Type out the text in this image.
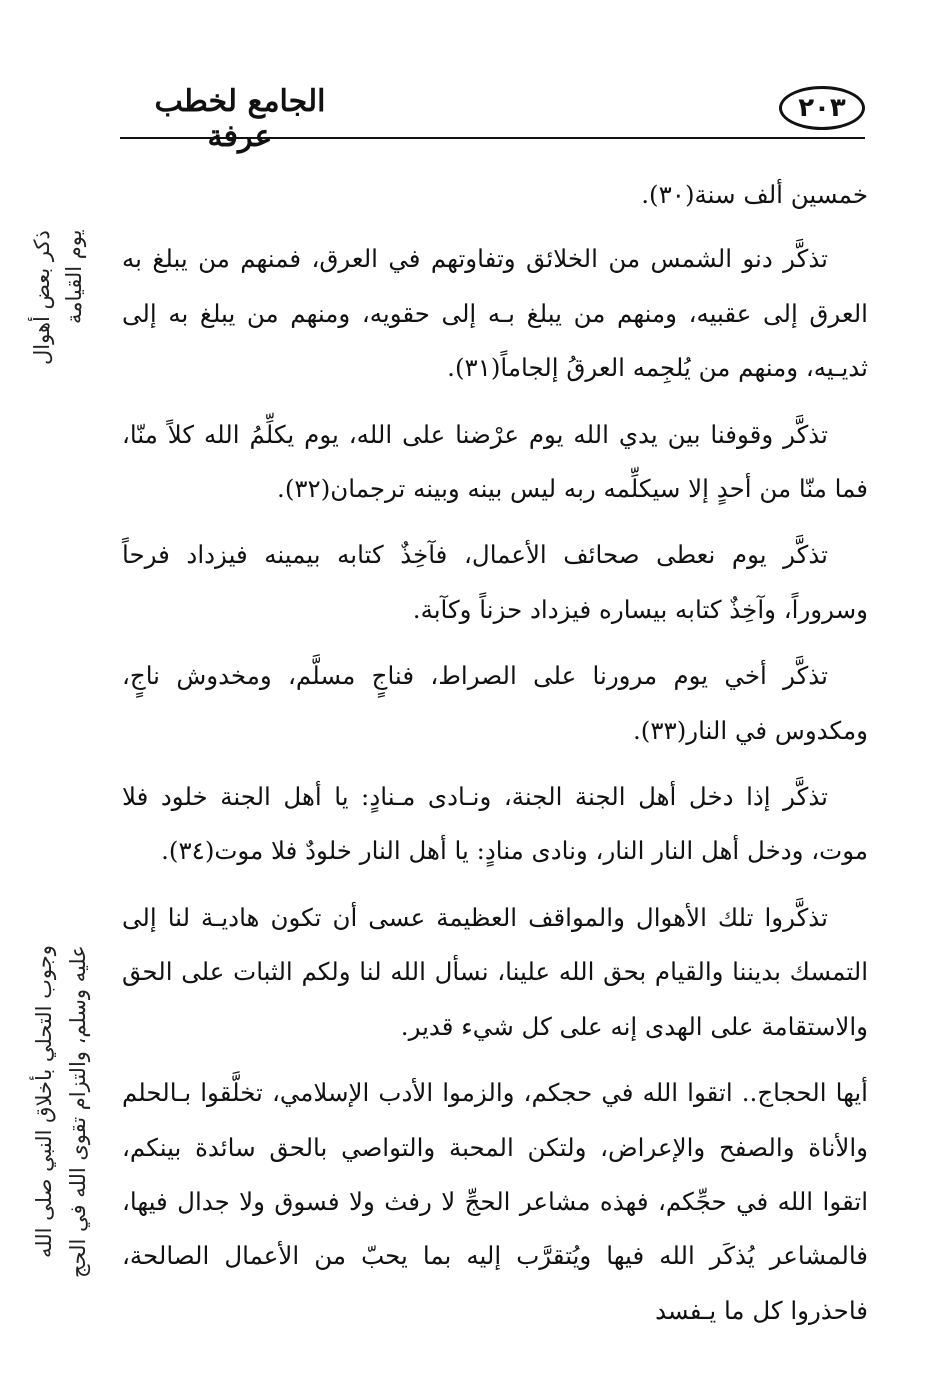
الجامع لخطب عرفة
٢٠٣
ذكر بعض أهوال يوم القيامة
وجوب التحلي بأخلاق النبي صلى الله عليه وسلم، والتزام تقوى الله في الحج

خمسين ألف سنة(٣٠).

تذكَّر دنو الشمس من الخلائق وتفاوتهم في العرق، فمنهم من يبلغ به العرق إلى عقبيه، ومنهم من يبلغ بـه إلى حقويه، ومنهم من يبلغ به إلى ثديـيه، ومنهم من يُلجِمه العرقُ إلجاماً(٣١).

تذكَّر وقوفنا بين يدي الله يوم عرْضنا على الله، يوم يكلِّمُ الله كلاً منّا، فما منّا من أحدٍ إلا سيكلِّمه ربه ليس بينه وبينه ترجمان(٣٢).

تذكَّر يوم نعطى صحائف الأعمال، فآخِذٌ كتابه بيمينه فيزداد فرحاً وسروراً، وآخِذٌ كتابه بيساره فيزداد حزناً وكآبة.

تذكَّر أخي يوم مرورنا على الصراط، فناجٍ مسلَّم، ومخدوش ناجٍ، ومكدوس في النار(٣٣).

تذكَّر إذا دخل أهل الجنة الجنة، ونـادى مـنادٍ: يا أهل الجنة خلود فلا موت، ودخل أهل النار النار، ونادى منادٍ: يا أهل النار خلودٌ فلا موت(٣٤).

تذكَّروا تلك الأهوال والمواقف العظيمة عسى أن تكون هاديـة لنا إلى التمسك بديننا والقيام بحق الله علينا، نسأل الله لنا ولكم الثبات على الحق والاستقامة على الهدى إنه على كل شيء قدير.

أيها الحجاج.. اتقوا الله في حجكم، والزموا الأدب الإسلامي، تخلَّقوا بـالحلم والأناة والصفح والإعراض، ولتكن المحبة والتواصي بالحق سائدة بينكم، اتقوا الله في حجِّكم، فهذه مشاعر الحجِّ لا رفث ولا فسوق ولا جدال فيها، فالمشاعر يُذكَر الله فيها ويُتقرَّب إليه بما يحبّ من الأعمال الصالحة، فاحذروا كل ما يـفسد
